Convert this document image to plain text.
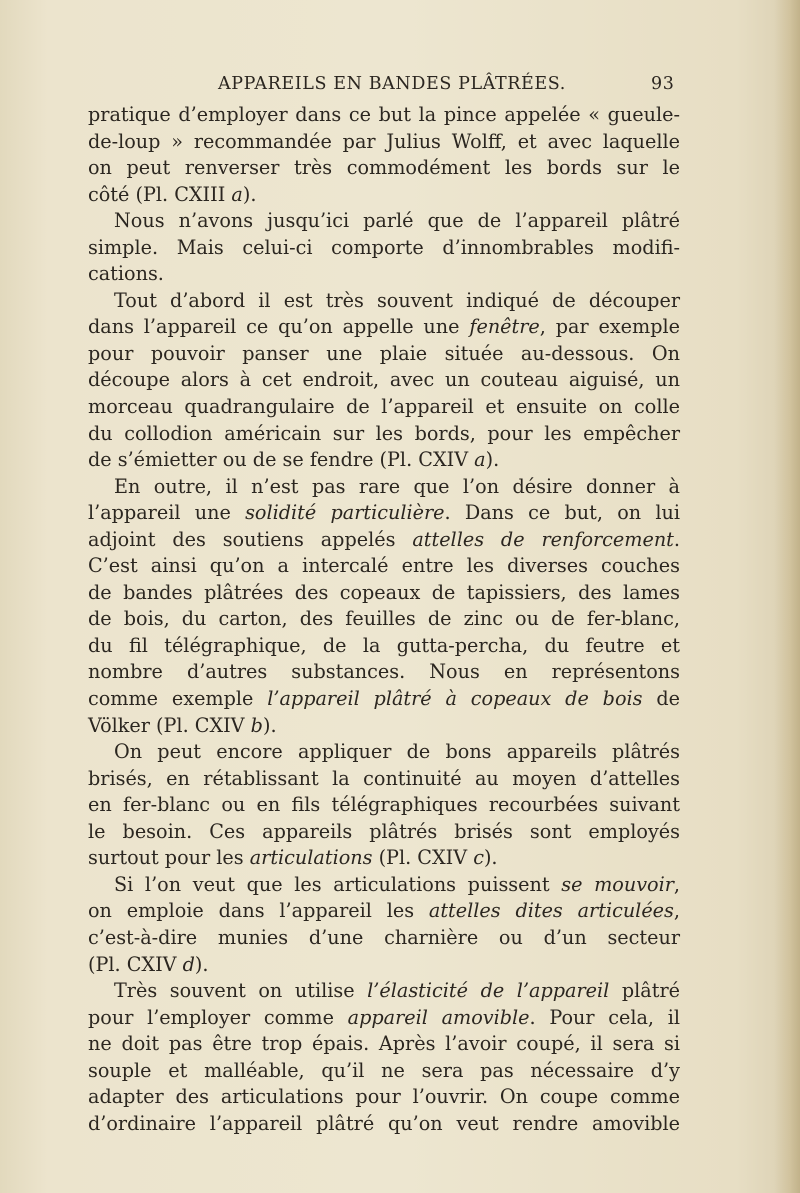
APPAREILS EN BANDES PLÂTRÉES.	93
pratique d’employer dans ce but la pince appelée « gueule-
de-loup » recommandée par Julius Wolff, et avec laquelle
on peut renverser très commodément les bords sur le
côté (Pl. CXIII a).
Nous n’avons jusqu’ici parlé que de l’appareil plâtré
simple. Mais celui-ci comporte d’innombrables modifi-
cations.
Tout d’abord il est très souvent indiqué de découper
dans l’appareil ce qu’on appelle une fenêtre, par exemple
pour pouvoir panser une plaie située au-dessous. On
découpe alors à cet endroit, avec un couteau aiguisé, un
morceau quadrangulaire de l’appareil et ensuite on colle
du collodion américain sur les bords, pour les empêcher
de s’émietter ou de se fendre (Pl. CXIV a).
En outre, il n’est pas rare que l’on désire donner à
l’appareil une solidité particulière. Dans ce but, on lui
adjoint des soutiens appelés attelles de renforcement.
C’est ainsi qu’on a intercalé entre les diverses couches
de bandes plâtrées des copeaux de tapissiers, des lames
de bois, du carton, des feuilles de zinc ou de fer-blanc,
du fil télégraphique, de la gutta-percha, du feutre et
nombre d’autres substances. Nous en représentons
comme exemple l’appareil plâtré à copeaux de bois de
Völker (Pl. CXIV b).
On peut encore appliquer de bons appareils plâtrés
brisés, en rétablissant la continuité au moyen d’attelles
en fer-blanc ou en fils télégraphiques recourbées suivant
le besoin. Ces appareils plâtrés brisés sont employés
surtout pour les articulations (Pl. CXIV c).
Si l’on veut que les articulations puissent se mouvoir,
on emploie dans l’appareil les attelles dites articulées,
c’est-à-dire munies d’une charnière ou d’un secteur
(Pl. CXIV d).
Très souvent on utilise l’élasticité de l’appareil plâtré
pour l’employer comme appareil amovible. Pour cela, il
ne doit pas être trop épais. Après l’avoir coupé, il sera si
souple et malléable, qu’il ne sera pas nécessaire d’y
adapter des articulations pour l’ouvrir. On coupe comme
d’ordinaire l’appareil plâtré qu’on veut rendre amovible
